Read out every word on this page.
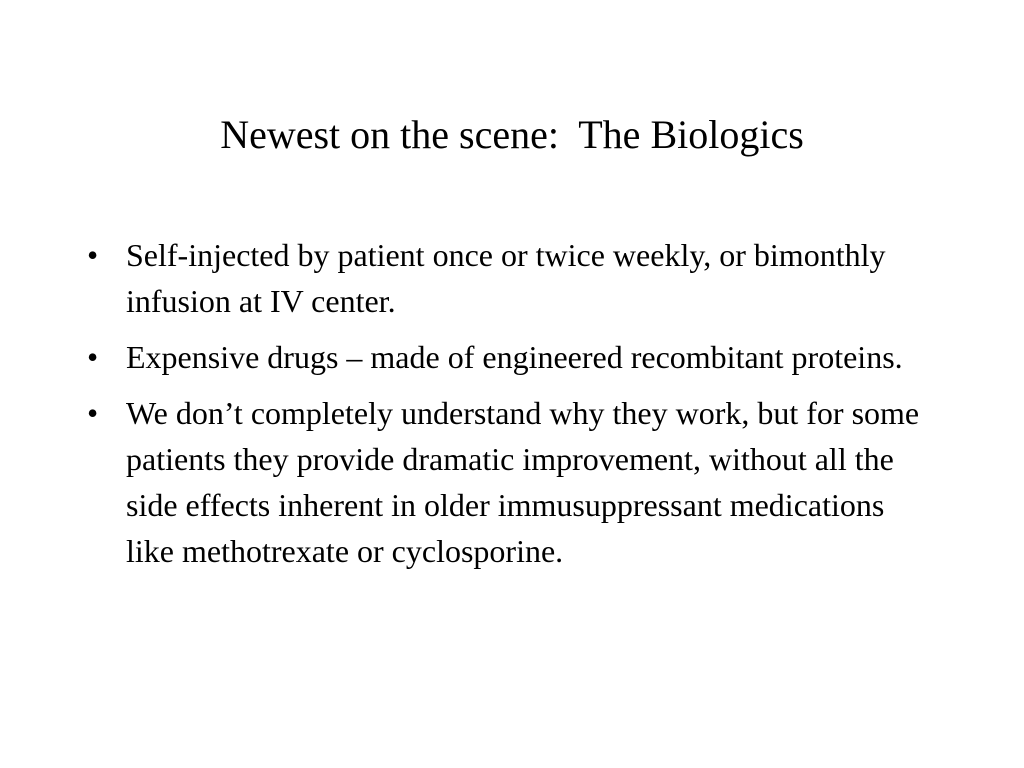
Newest on the scene:  The Biologics
• Self-injected by patient once or twice weekly, or bimonthly infusion at IV center.
• Expensive drugs – made of engineered recombitant proteins.
• We don’t completely understand why they work, but for some patients they provide dramatic improvement, without all the side effects inherent in older immusuppressant medications like methotrexate or cyclosporine.
